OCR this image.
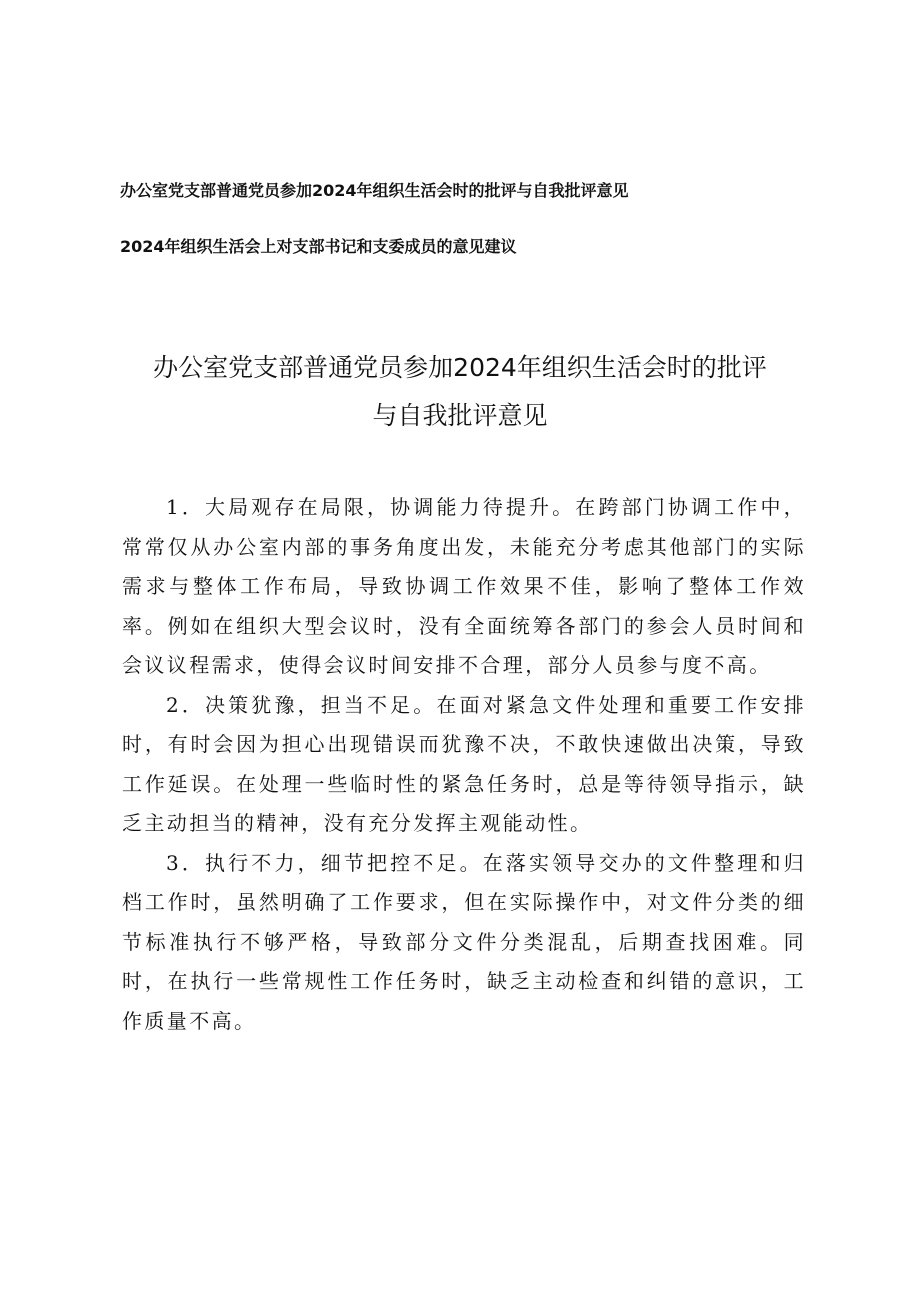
办公室党支部普通党员参加2024年组织生活会时的批评与自我批评意见
2024年组织生活会上对支部书记和支委成员的意见建议
办公室党支部普通党员参加2024年组织生活会时的批评
与自我批评意见

1．大局观存在局限，协调能力待提升。在跨部门协调工作中，常常仅从办公室内部的事务角度出发，未能充分考虑其他部门的实际需求与整体工作布局，导致协调工作效果不佳，影响了整体工作效率。例如在组织大型会议时，没有全面统筹各部门的参会人员时间和会议议程需求，使得会议时间安排不合理，部分人员参与度不高。

2．决策犹豫，担当不足。在面对紧急文件处理和重要工作安排时，有时会因为担心出现错误而犹豫不决，不敢快速做出决策，导致工作延误。在处理一些临时性的紧急任务时，总是等待领导指示，缺乏主动担当的精神，没有充分发挥主观能动性。

3．执行不力，细节把控不足。在落实领导交办的文件整理和归档工作时，虽然明确了工作要求，但在实际操作中，对文件分类的细节标准执行不够严格，导致部分文件分类混乱，后期查找困难。同时，在执行一些常规性工作任务时，缺乏主动检查和纠错的意识，工作质量不高。
